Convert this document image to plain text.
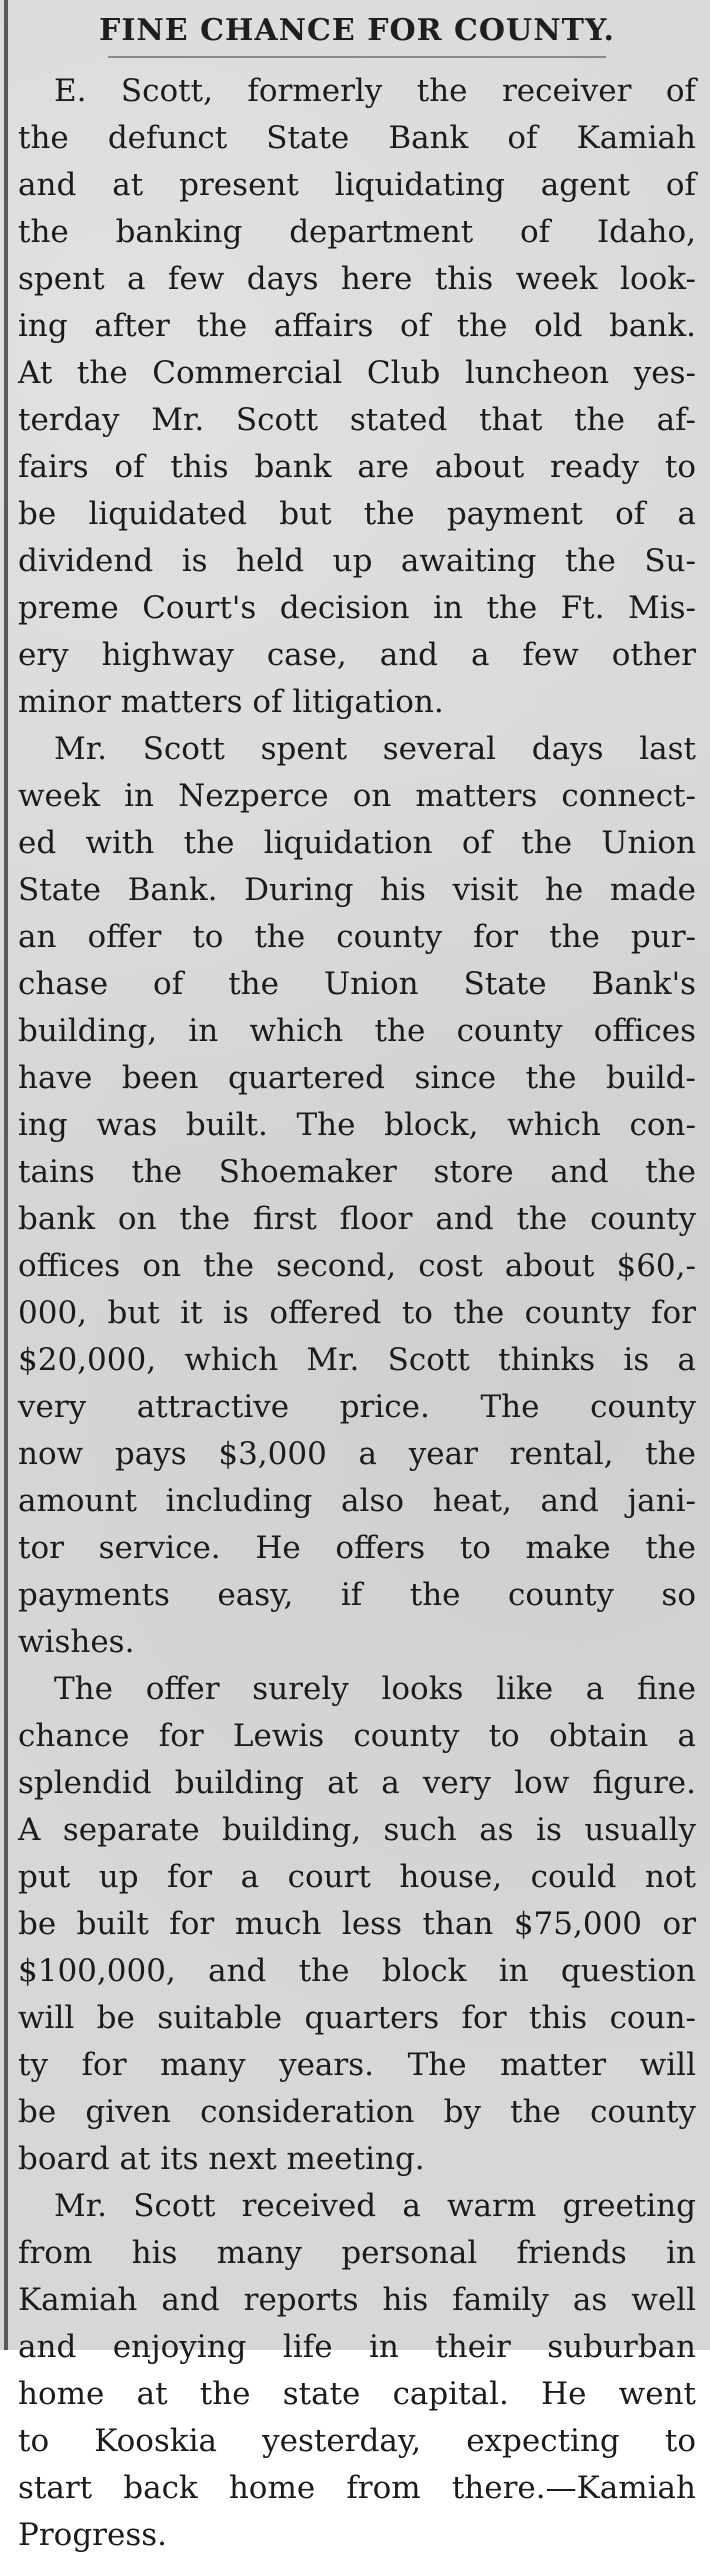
FINE CHANCE FOR COUNTY.
E. Scott, formerly the receiver of
the defunct State Bank of Kamiah
and at present liquidating agent of
the banking department of Idaho,
spent a few days here this week look-
ing after the affairs of the old bank.
At the Commercial Club luncheon yes-
terday Mr. Scott stated that the af-
fairs of this bank are about ready to
be liquidated but the payment of a
dividend is held up awaiting the Su-
preme Court's decision in the Ft. Mis-
ery highway case, and a few other
minor matters of litigation.
Mr. Scott spent several days last
week in Nezperce on matters connect-
ed with the liquidation of the Union
State Bank. During his visit he made
an offer to the county for the pur-
chase of the Union State Bank's
building, in which the county offices
have been quartered since the build-
ing was built. The block, which con-
tains the Shoemaker store and the
bank on the first floor and the county
offices on the second, cost about $60,-
000, but it is offered to the county for
$20,000, which Mr. Scott thinks is a
very attractive price. The county
now pays $3,000 a year rental, the
amount including also heat, and jani-
tor service. He offers to make the
payments easy, if the county so
wishes.
The offer surely looks like a fine
chance for Lewis county to obtain a
splendid building at a very low figure.
A separate building, such as is usually
put up for a court house, could not
be built for much less than $75,000 or
$100,000, and the block in question
will be suitable quarters for this coun-
ty for many years. The matter will
be given consideration by the county
board at its next meeting.
Mr. Scott received a warm greeting
from his many personal friends in
Kamiah and reports his family as well
and enjoying life in their suburban
home at the state capital. He went
to Kooskia yesterday, expecting to
start back home from there.—Kamiah
Progress.
